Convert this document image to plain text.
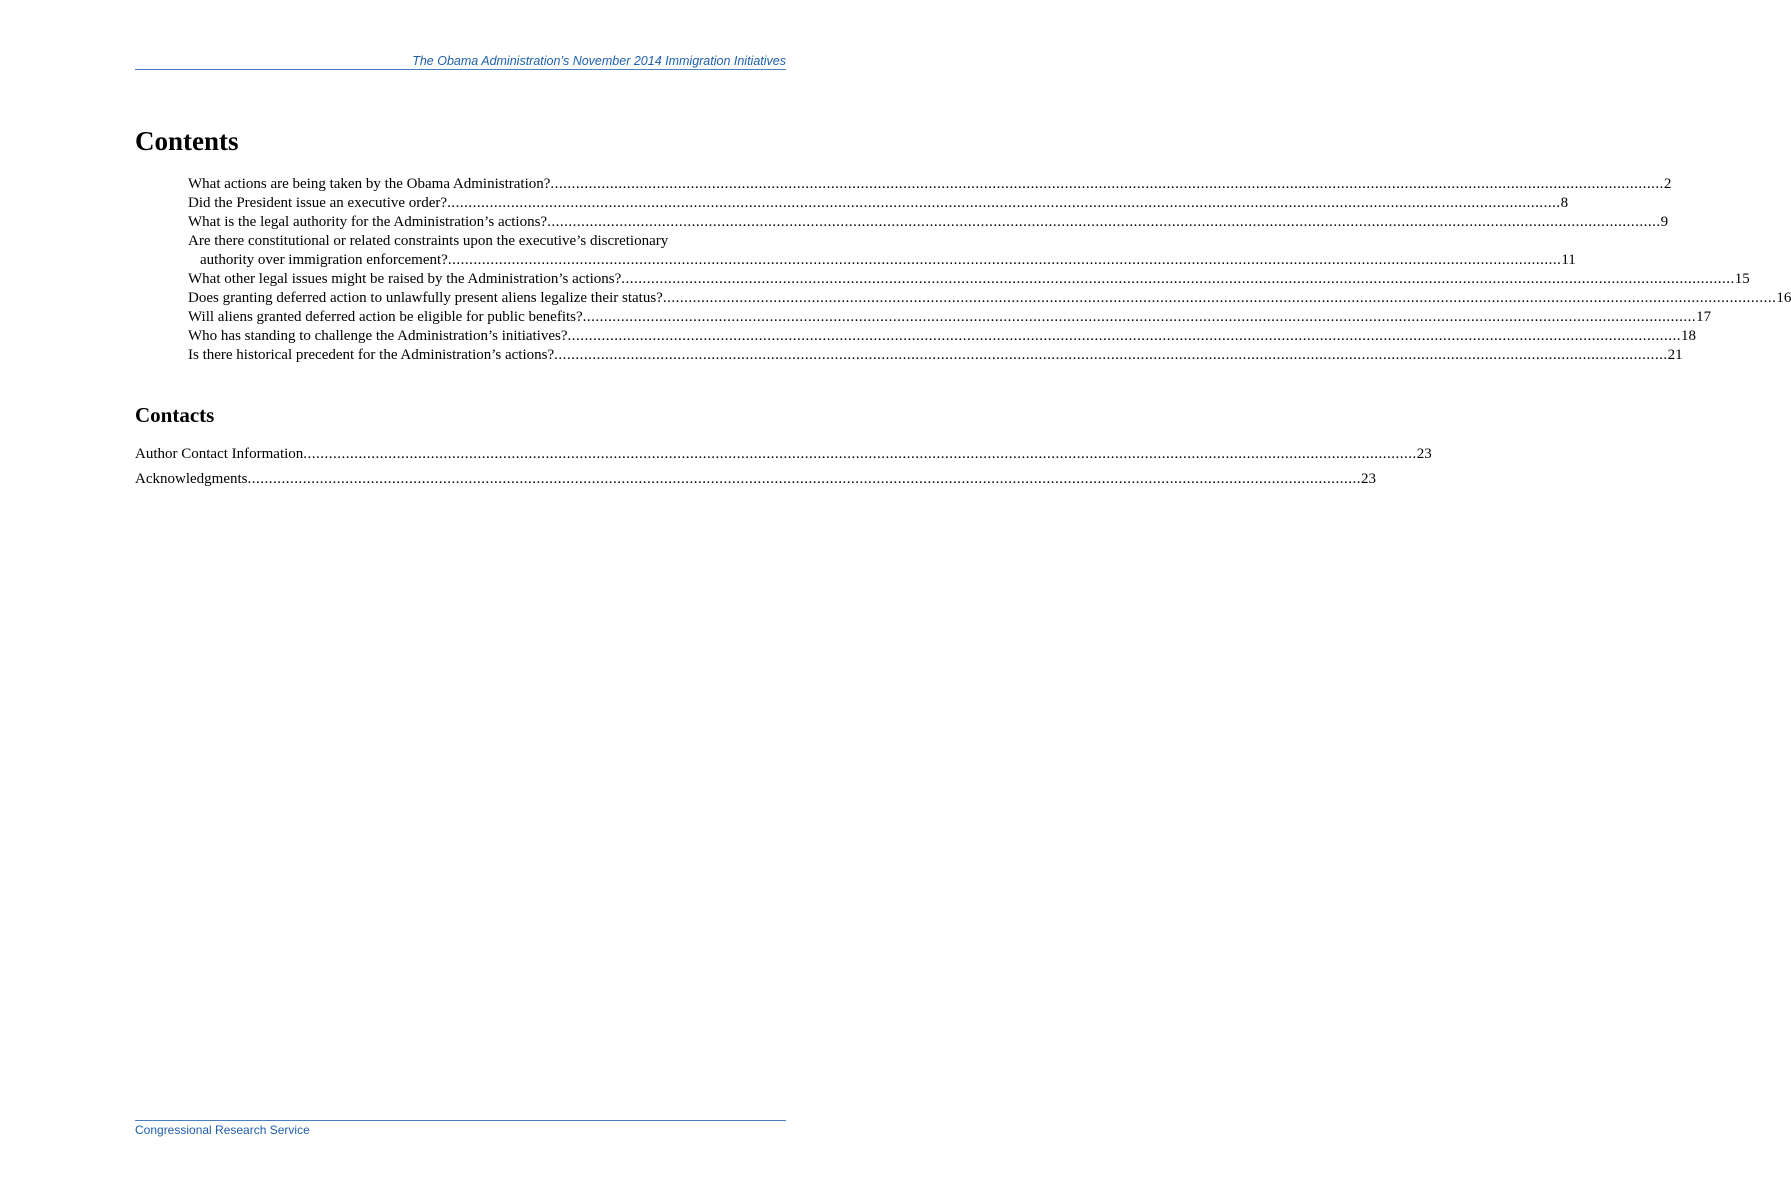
The Obama Administration’s November 2014 Immigration Initiatives
Contents
What actions are being taken by the Obama Administration? .....	2
Did the President issue an executive order? .....	8
What is the legal authority for the Administration’s actions? .....	9
Are there constitutional or related constraints upon the executive’s discretionary
authority over immigration enforcement? .....	11
What other legal issues might be raised by the Administration’s actions? .....	15
Does granting deferred action to unlawfully present aliens legalize their status? .....	16
Will aliens granted deferred action be eligible for public benefits? .....	17
Who has standing to challenge the Administration’s initiatives? .....	18
Is there historical precedent for the Administration’s actions? .....	21
Contacts
Author Contact Information .....	23
Acknowledgments .....	23
Congressional Research Service
